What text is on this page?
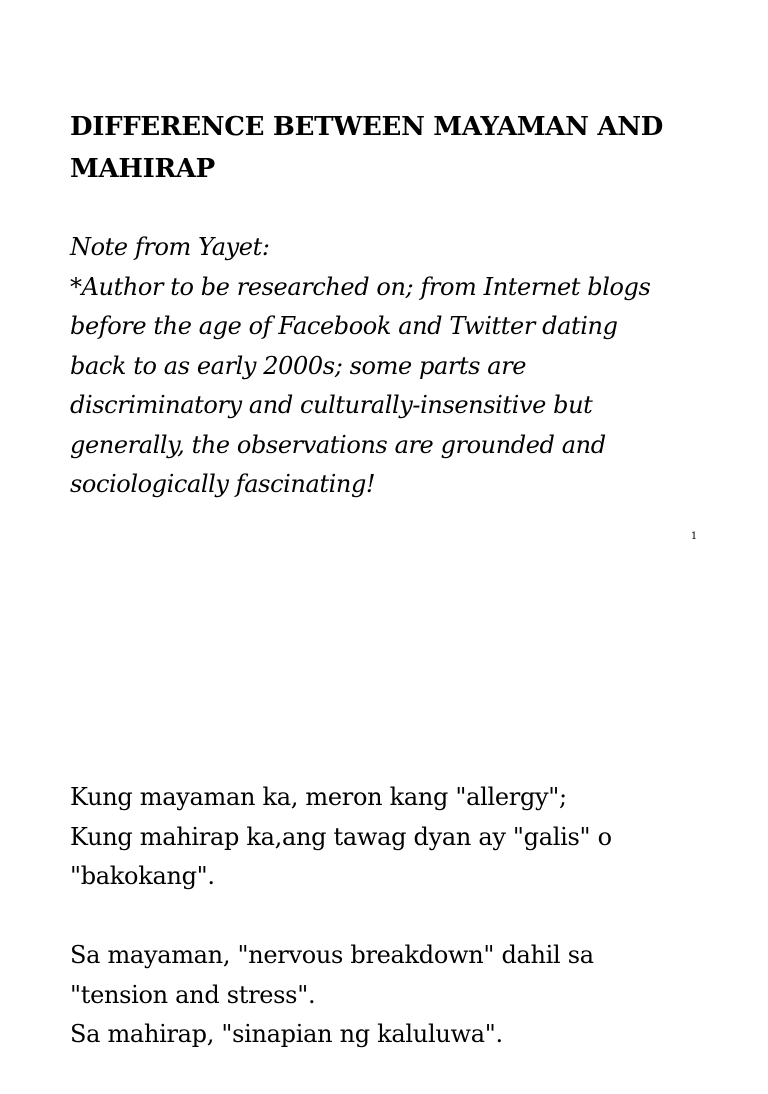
DIFFERENCE BETWEEN MAYAMAN AND
MAHIRAP
Note from Yayet:
*Author to be researched on; from Internet blogs
before the age of Facebook and Twitter dating
back to as early 2000s; some parts are
discriminatory and culturally-insensitive but
generally, the observations are grounded and
sociologically fascinating!
1

Kung mayaman ka, meron kang "allergy";
Kung mahirap ka,ang tawag dyan ay "galis" o
"bakokang".

Sa mayaman, "nervous breakdown" dahil sa
"tension and stress".
Sa mahirap, "sinapian ng kaluluwa".
